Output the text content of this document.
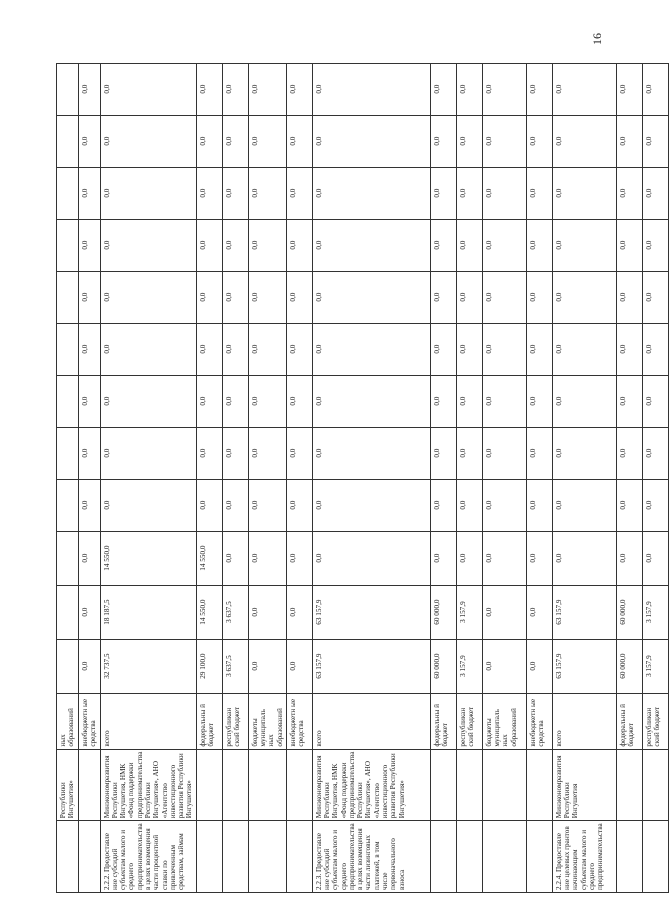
	Республики Ингушетия»	ных образований												
		внебюджетн ые средства	0,0	0,0	0,0	0,0	0,0	0,0	0,0	0,0	0,0	0,0	0,0	0,0
2.2.2. Предоставле ние субсидий субъектам малого и среднего предпринимательства в целях возмещения части процентной ставки по привлеченным средствам, займам	Минэкономразвития Республики Ингушетия, НМК «Фонд поддержки предпринимательства Республики Ингушетия», АНО «Агентство инвестиционного развития Республики Ингушетия»	всего	32 737,5	18 187,5	14 550,0	0,0	0,0	0,0	0,0	0,0	0,0	0,0	0,0	0,0
		федеральны й бюджет	29 100,0	14 550,0	14 550,0	0,0	0,0	0,0	0,0	0,0	0,0	0,0	0,0	0,0
		республикан ский бюджет	3 637,5	3 637,5	0,0	0,0	0,0	0,0	0,0	0,0	0,0	0,0	0,0	0,0
		бюджеты муниципаль ных образований	0,0	0,0	0,0	0,0	0,0	0,0	0,0	0,0	0,0	0,0	0,0	0,0
		внебюджетн ые средства	0,0	0,0	0,0	0,0	0,0	0,0	0,0	0,0	0,0	0,0	0,0	0,0
2.2.3. Предоставле ние субсидий субъектам малого и среднего предпринимательства в целях возмещения части лизинговых платежей, в том числе первоначального взноса	Минэкономразвития Республики Ингушетия, НМК «Фонд поддержки предпринимательства Республики Ингушетия», АНО «Агентство инвестиционного развития Республики Ингушетия»	всего	63 157,9	63 157,9	0,0	0,0	0,0	0,0	0,0	0,0	0,0	0,0	0,0	0,0
		федеральны й бюджет	60 000,0	60 000,0	0,0	0,0	0,0	0,0	0,0	0,0	0,0	0,0	0,0	0,0
		республикан ский бюджет	3 157,9	3 157,9	0,0	0,0	0,0	0,0	0,0	0,0	0,0	0,0	0,0	0,0
		бюджеты муниципаль ных образований	0,0	0,0	0,0	0,0	0,0	0,0	0,0	0,0	0,0	0,0	0,0	0,0
		внебюджетн ые средства	0,0	0,0	0,0	0,0	0,0	0,0	0,0	0,0	0,0	0,0	0,0	0,0
2.2.4. Предоставле ние целевых грантов начинающим субъектам малого и среднего предпринимательства	Минэкономразвития Республики Ингушетия	всего	63 157,9	63 157,9	0,0	0,0	0,0	0,0	0,0	0,0	0,0	0,0	0,0	0,0
		федеральны й бюджет	60 000,0	60 000,0	0,0	0,0	0,0	0,0	0,0	0,0	0,0	0,0	0,0	0,0
		республикан ский бюджет	3 157,9	3 157,9	0,0	0,0	0,0	0,0	0,0	0,0	0,0	0,0	0,0	0,0
16
